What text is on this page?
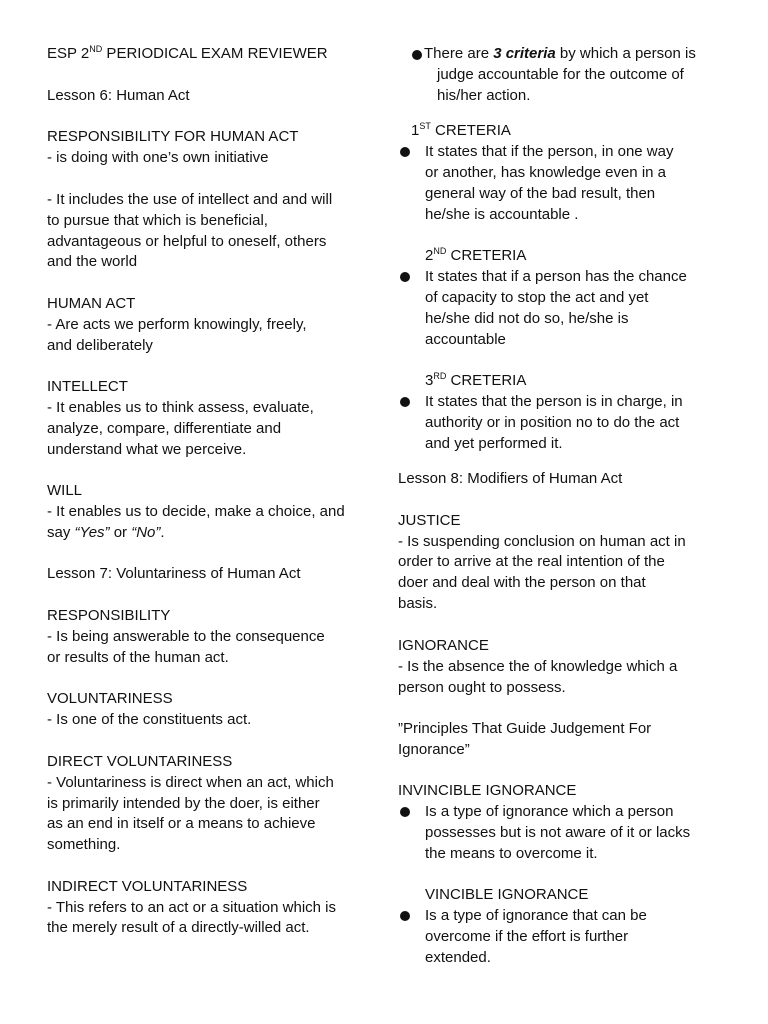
ESP 2ND PERIODICAL EXAM REVIEWER
Lesson 6: Human Act
RESPONSIBILITY FOR HUMAN ACT
- is doing with one’s own initiative
- It includes the use of intellect and and will
to pursue that which is beneficial,
advantageous or helpful to oneself, others
and the world
HUMAN ACT
- Are acts we perform knowingly, freely,
and deliberately
INTELLECT
- It enables us to think assess, evaluate,
analyze, compare, differentiate and
understand what we perceive.
WILL
- It enables us to decide, make a choice, and
say “Yes” or “No”.
Lesson 7: Voluntariness of Human Act
RESPONSIBILITY
- Is being answerable to the consequence
or results of the human act.
VOLUNTARINESS
- Is one of the constituents act.
DIRECT VOLUNTARINESS
- Voluntariness is direct when an act, which
is primarily intended by the doer, is either
as an end in itself or a means to achieve
something.
INDIRECT VOLUNTARINESS
- This refers to an act or a situation which is
the merely result of a directly-willed act.
There are 3 criteria by which a person is
judge accountable for the outcome of
his/her action.
1ST CRETERIA
It states that if the person, in one way
or another, has knowledge even in a
general way of the bad result, then
he/she is accountable .
2ND CRETERIA
It states that if a person has the chance
of capacity to stop the act and yet
he/she did not do so, he/she is
accountable
3RD CRETERIA
It states that the person is in charge, in
authority or in position no to do the act
and yet performed it.
Lesson 8: Modifiers of Human Act
JUSTICE
- Is suspending conclusion on human act in
order to arrive at the real intention of the
doer and deal with the person on that
basis.
IGNORANCE
- Is the absence the of knowledge which a
person ought to possess.
”Principles That Guide Judgement For
Ignorance”
INVINCIBLE IGNORANCE
Is a type of ignorance which a person
possesses but is not aware of it or lacks
the means to overcome it.
VINCIBLE IGNORANCE
Is a type of ignorance that can be
overcome if the effort is further
extended.
